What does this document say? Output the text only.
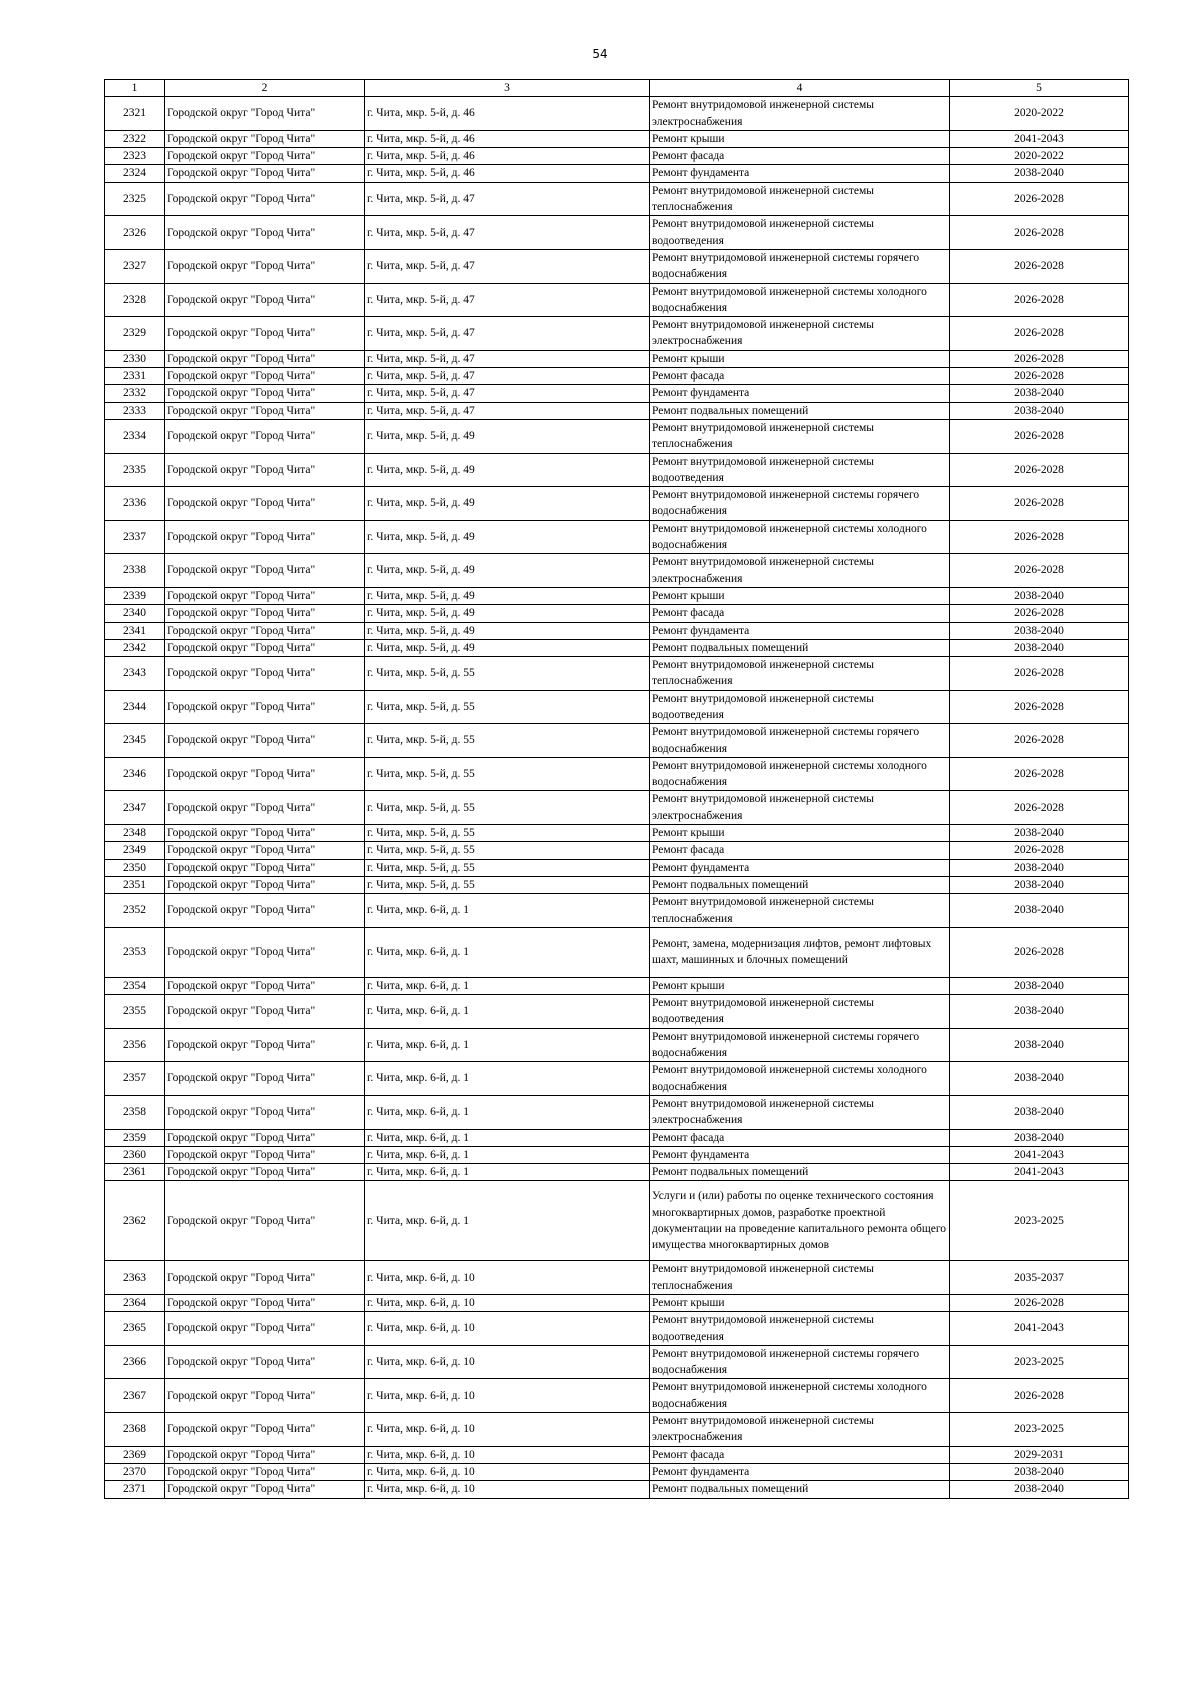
54
1	2	3	4	5
2321	Городской округ "Город Чита"	г. Чита, мкр. 5-й, д. 46	Ремонт внутридомовой инженерной системы электроснабжения	2020-2022
2322	Городской округ "Город Чита"	г. Чита, мкр. 5-й, д. 46	Ремонт крыши	2041-2043
2323	Городской округ "Город Чита"	г. Чита, мкр. 5-й, д. 46	Ремонт фасада	2020-2022
2324	Городской округ "Город Чита"	г. Чита, мкр. 5-й, д. 46	Ремонт фундамента	2038-2040
2325	Городской округ "Город Чита"	г. Чита, мкр. 5-й, д. 47	Ремонт внутридомовой инженерной системы теплоснабжения	2026-2028
2326	Городской округ "Город Чита"	г. Чита, мкр. 5-й, д. 47	Ремонт внутридомовой инженерной системы водоотведения	2026-2028
2327	Городской округ "Город Чита"	г. Чита, мкр. 5-й, д. 47	Ремонт внутридомовой инженерной системы горячего водоснабжения	2026-2028
2328	Городской округ "Город Чита"	г. Чита, мкр. 5-й, д. 47	Ремонт внутридомовой инженерной системы холодного водоснабжения	2026-2028
2329	Городской округ "Город Чита"	г. Чита, мкр. 5-й, д. 47	Ремонт внутридомовой инженерной системы электроснабжения	2026-2028
2330	Городской округ "Город Чита"	г. Чита, мкр. 5-й, д. 47	Ремонт крыши	2026-2028
2331	Городской округ "Город Чита"	г. Чита, мкр. 5-й, д. 47	Ремонт фасада	2026-2028
2332	Городской округ "Город Чита"	г. Чита, мкр. 5-й, д. 47	Ремонт фундамента	2038-2040
2333	Городской округ "Город Чита"	г. Чита, мкр. 5-й, д. 47	Ремонт подвальных помещений	2038-2040
2334	Городской округ "Город Чита"	г. Чита, мкр. 5-й, д. 49	Ремонт внутридомовой инженерной системы теплоснабжения	2026-2028
2335	Городской округ "Город Чита"	г. Чита, мкр. 5-й, д. 49	Ремонт внутридомовой инженерной системы водоотведения	2026-2028
2336	Городской округ "Город Чита"	г. Чита, мкр. 5-й, д. 49	Ремонт внутридомовой инженерной системы горячего водоснабжения	2026-2028
2337	Городской округ "Город Чита"	г. Чита, мкр. 5-й, д. 49	Ремонт внутридомовой инженерной системы холодного водоснабжения	2026-2028
2338	Городской округ "Город Чита"	г. Чита, мкр. 5-й, д. 49	Ремонт внутридомовой инженерной системы электроснабжения	2026-2028
2339	Городской округ "Город Чита"	г. Чита, мкр. 5-й, д. 49	Ремонт крыши	2038-2040
2340	Городской округ "Город Чита"	г. Чита, мкр. 5-й, д. 49	Ремонт фасада	2026-2028
2341	Городской округ "Город Чита"	г. Чита, мкр. 5-й, д. 49	Ремонт фундамента	2038-2040
2342	Городской округ "Город Чита"	г. Чита, мкр. 5-й, д. 49	Ремонт подвальных помещений	2038-2040
2343	Городской округ "Город Чита"	г. Чита, мкр. 5-й, д. 55	Ремонт внутридомовой инженерной системы теплоснабжения	2026-2028
2344	Городской округ "Город Чита"	г. Чита, мкр. 5-й, д. 55	Ремонт внутридомовой инженерной системы водоотведения	2026-2028
2345	Городской округ "Город Чита"	г. Чита, мкр. 5-й, д. 55	Ремонт внутридомовой инженерной системы горячего водоснабжения	2026-2028
2346	Городской округ "Город Чита"	г. Чита, мкр. 5-й, д. 55	Ремонт внутридомовой инженерной системы холодного водоснабжения	2026-2028
2347	Городской округ "Город Чита"	г. Чита, мкр. 5-й, д. 55	Ремонт внутридомовой инженерной системы электроснабжения	2026-2028
2348	Городской округ "Город Чита"	г. Чита, мкр. 5-й, д. 55	Ремонт крыши	2038-2040
2349	Городской округ "Город Чита"	г. Чита, мкр. 5-й, д. 55	Ремонт фасада	2026-2028
2350	Городской округ "Город Чита"	г. Чита, мкр. 5-й, д. 55	Ремонт фундамента	2038-2040
2351	Городской округ "Город Чита"	г. Чита, мкр. 5-й, д. 55	Ремонт подвальных помещений	2038-2040
2352	Городской округ "Город Чита"	г. Чита, мкр. 6-й, д. 1	Ремонт внутридомовой инженерной системы теплоснабжения	2038-2040
2353	Городской округ "Город Чита"	г. Чита, мкр. 6-й, д. 1	Ремонт, замена, модернизация лифтов, ремонт лифтовых шахт, машинных и блочных помещений	2026-2028
2354	Городской округ "Город Чита"	г. Чита, мкр. 6-й, д. 1	Ремонт крыши	2038-2040
2355	Городской округ "Город Чита"	г. Чита, мкр. 6-й, д. 1	Ремонт внутридомовой инженерной системы водоотведения	2038-2040
2356	Городской округ "Город Чита"	г. Чита, мкр. 6-й, д. 1	Ремонт внутридомовой инженерной системы горячего водоснабжения	2038-2040
2357	Городской округ "Город Чита"	г. Чита, мкр. 6-й, д. 1	Ремонт внутридомовой инженерной системы холодного водоснабжения	2038-2040
2358	Городской округ "Город Чита"	г. Чита, мкр. 6-й, д. 1	Ремонт внутридомовой инженерной системы электроснабжения	2038-2040
2359	Городской округ "Город Чита"	г. Чита, мкр. 6-й, д. 1	Ремонт фасада	2038-2040
2360	Городской округ "Город Чита"	г. Чита, мкр. 6-й, д. 1	Ремонт фундамента	2041-2043
2361	Городской округ "Город Чита"	г. Чита, мкр. 6-й, д. 1	Ремонт подвальных помещений	2041-2043
2362	Городской округ "Город Чита"	г. Чита, мкр. 6-й, д. 1	Услуги и (или) работы по оценке технического состояния многоквартирных домов, разработке проектной документации на проведение капитального ремонта общего имущества многоквартирных домов	2023-2025
2363	Городской округ "Город Чита"	г. Чита, мкр. 6-й, д. 10	Ремонт внутридомовой инженерной системы теплоснабжения	2035-2037
2364	Городской округ "Город Чита"	г. Чита, мкр. 6-й, д. 10	Ремонт крыши	2026-2028
2365	Городской округ "Город Чита"	г. Чита, мкр. 6-й, д. 10	Ремонт внутридомовой инженерной системы водоотведения	2041-2043
2366	Городской округ "Город Чита"	г. Чита, мкр. 6-й, д. 10	Ремонт внутридомовой инженерной системы горячего водоснабжения	2023-2025
2367	Городской округ "Город Чита"	г. Чита, мкр. 6-й, д. 10	Ремонт внутридомовой инженерной системы холодного водоснабжения	2026-2028
2368	Городской округ "Город Чита"	г. Чита, мкр. 6-й, д. 10	Ремонт внутридомовой инженерной системы электроснабжения	2023-2025
2369	Городской округ "Город Чита"	г. Чита, мкр. 6-й, д. 10	Ремонт фасада	2029-2031
2370	Городской округ "Город Чита"	г. Чита, мкр. 6-й, д. 10	Ремонт фундамента	2038-2040
2371	Городской округ "Город Чита"	г. Чита, мкр. 6-й, д. 10	Ремонт подвальных помещений	2038-2040
